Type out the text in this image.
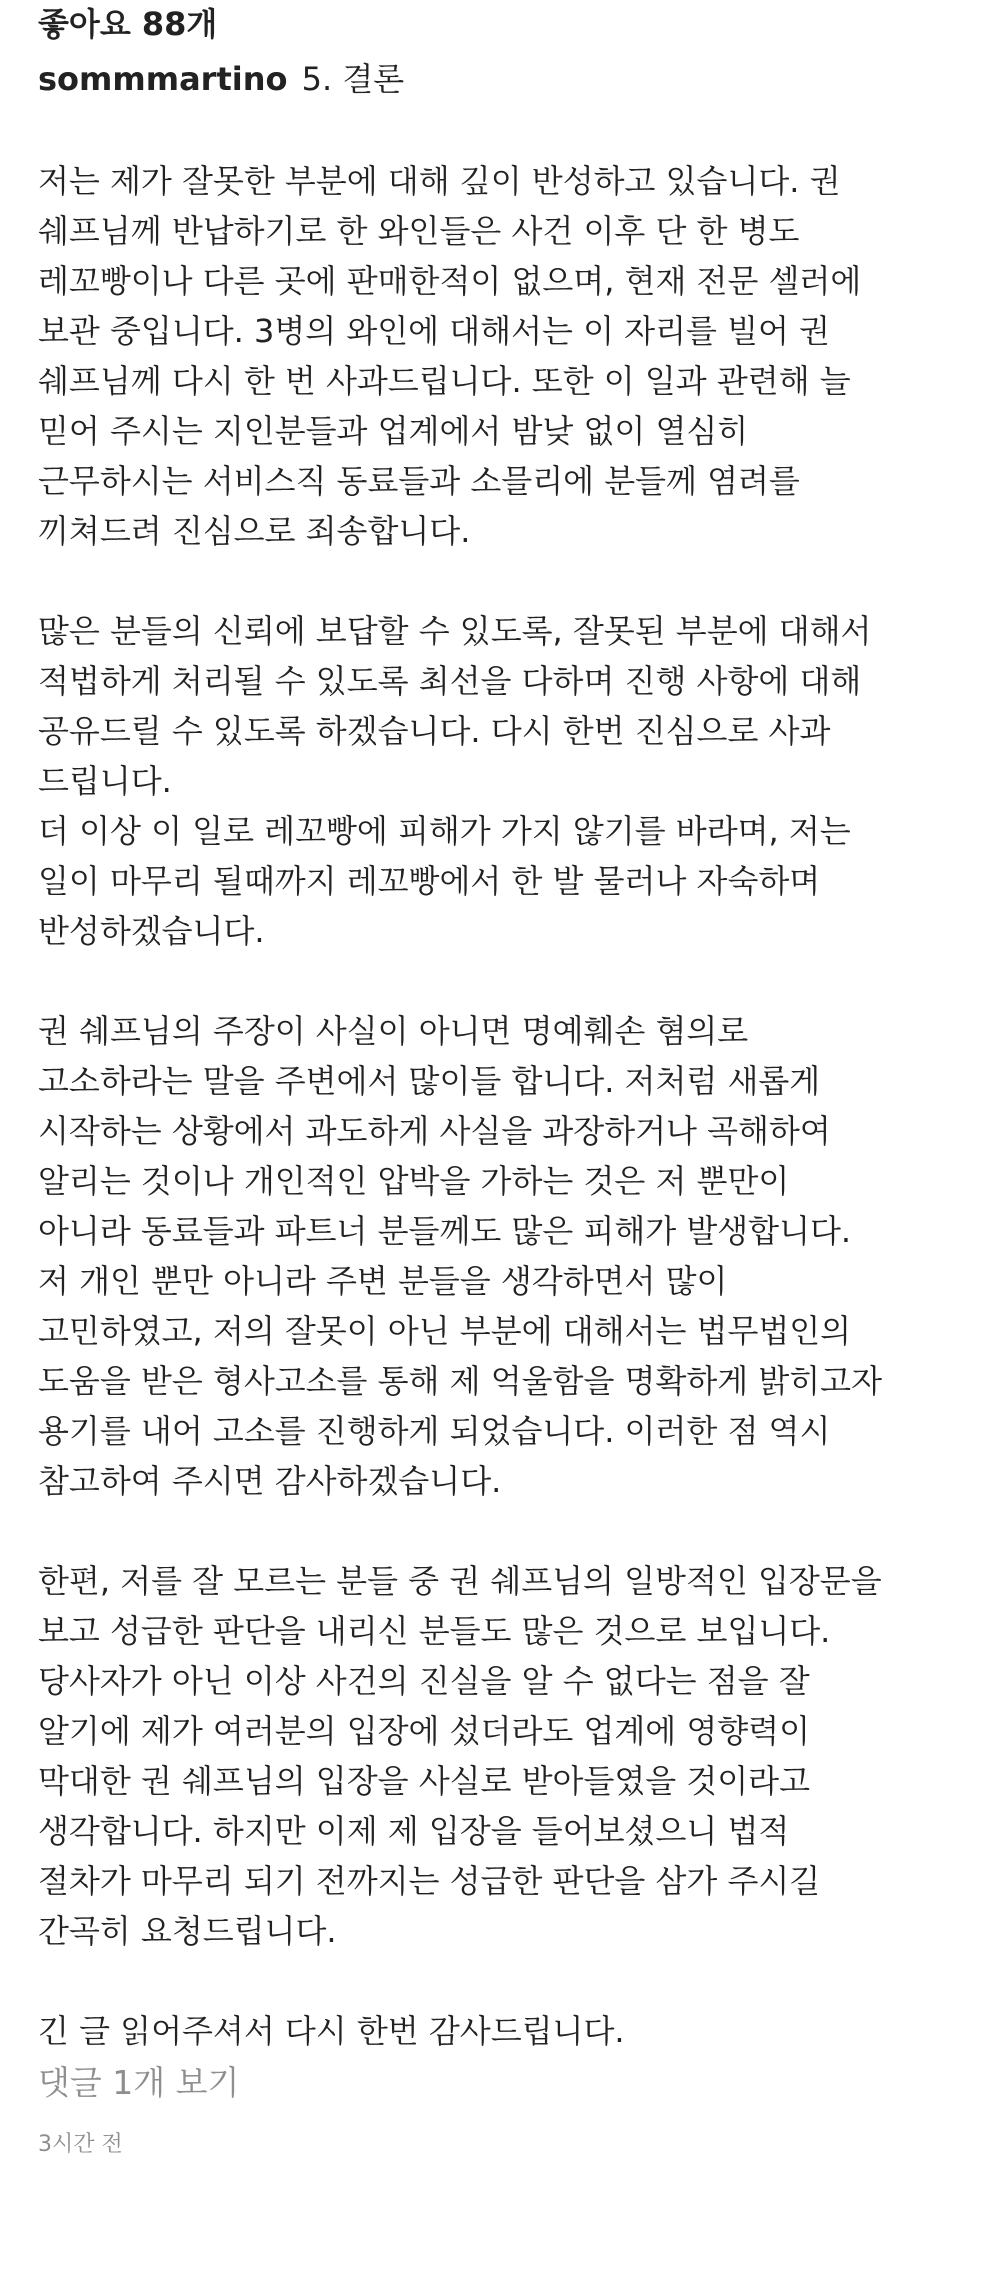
좋아요 88개
sommmartino 5. 결론
저는 제가 잘못한 부분에 대해 깊이 반성하고 있습니다. 권
쉐프님께 반납하기로 한 와인들은 사건 이후 단 한 병도
레꼬빵이나 다른 곳에 판매한적이 없으며, 현재 전문 셀러에
보관 중입니다. 3병의 와인에 대해서는 이 자리를 빌어 권
쉐프님께 다시 한 번 사과드립니다. 또한 이 일과 관련해 늘
믿어 주시는 지인분들과 업계에서 밤낮 없이 열심히
근무하시는 서비스직 동료들과 소믈리에 분들께 염려를
끼쳐드려 진심으로 죄송합니다.
많은 분들의 신뢰에 보답할 수 있도록, 잘못된 부분에 대해서
적법하게 처리될 수 있도록 최선을 다하며 진행 사항에 대해
공유드릴 수 있도록 하겠습니다. 다시 한번 진심으로 사과
드립니다.
더 이상 이 일로 레꼬빵에 피해가 가지 않기를 바라며, 저는
일이 마무리 될때까지 레꼬빵에서 한 발 물러나 자숙하며
반성하겠습니다.
권 쉐프님의 주장이 사실이 아니면 명예훼손 혐의로
고소하라는 말을 주변에서 많이들 합니다. 저처럼 새롭게
시작하는 상황에서 과도하게 사실을 과장하거나 곡해하여
알리는 것이나 개인적인 압박을 가하는 것은 저 뿐만이
아니라 동료들과 파트너 분들께도 많은 피해가 발생합니다.
저 개인 뿐만 아니라 주변 분들을 생각하면서 많이
고민하였고, 저의 잘못이 아닌 부분에 대해서는 법무법인의
도움을 받은 형사고소를 통해 제 억울함을 명확하게 밝히고자
용기를 내어 고소를 진행하게 되었습니다. 이러한 점 역시
참고하여 주시면 감사하겠습니다.
한편, 저를 잘 모르는 분들 중 권 쉐프님의 일방적인 입장문을
보고 성급한 판단을 내리신 분들도 많은 것으로 보입니다.
당사자가 아닌 이상 사건의 진실을 알 수 없다는 점을 잘
알기에 제가 여러분의 입장에 섰더라도 업계에 영향력이
막대한 권 쉐프님의 입장을 사실로 받아들였을 것이라고
생각합니다. 하지만 이제 제 입장을 들어보셨으니 법적
절차가 마무리 되기 전까지는 성급한 판단을 삼가 주시길
간곡히 요청드립니다.
긴 글 읽어주셔서 다시 한번 감사드립니다.
댓글 1개 보기
3시간 전
